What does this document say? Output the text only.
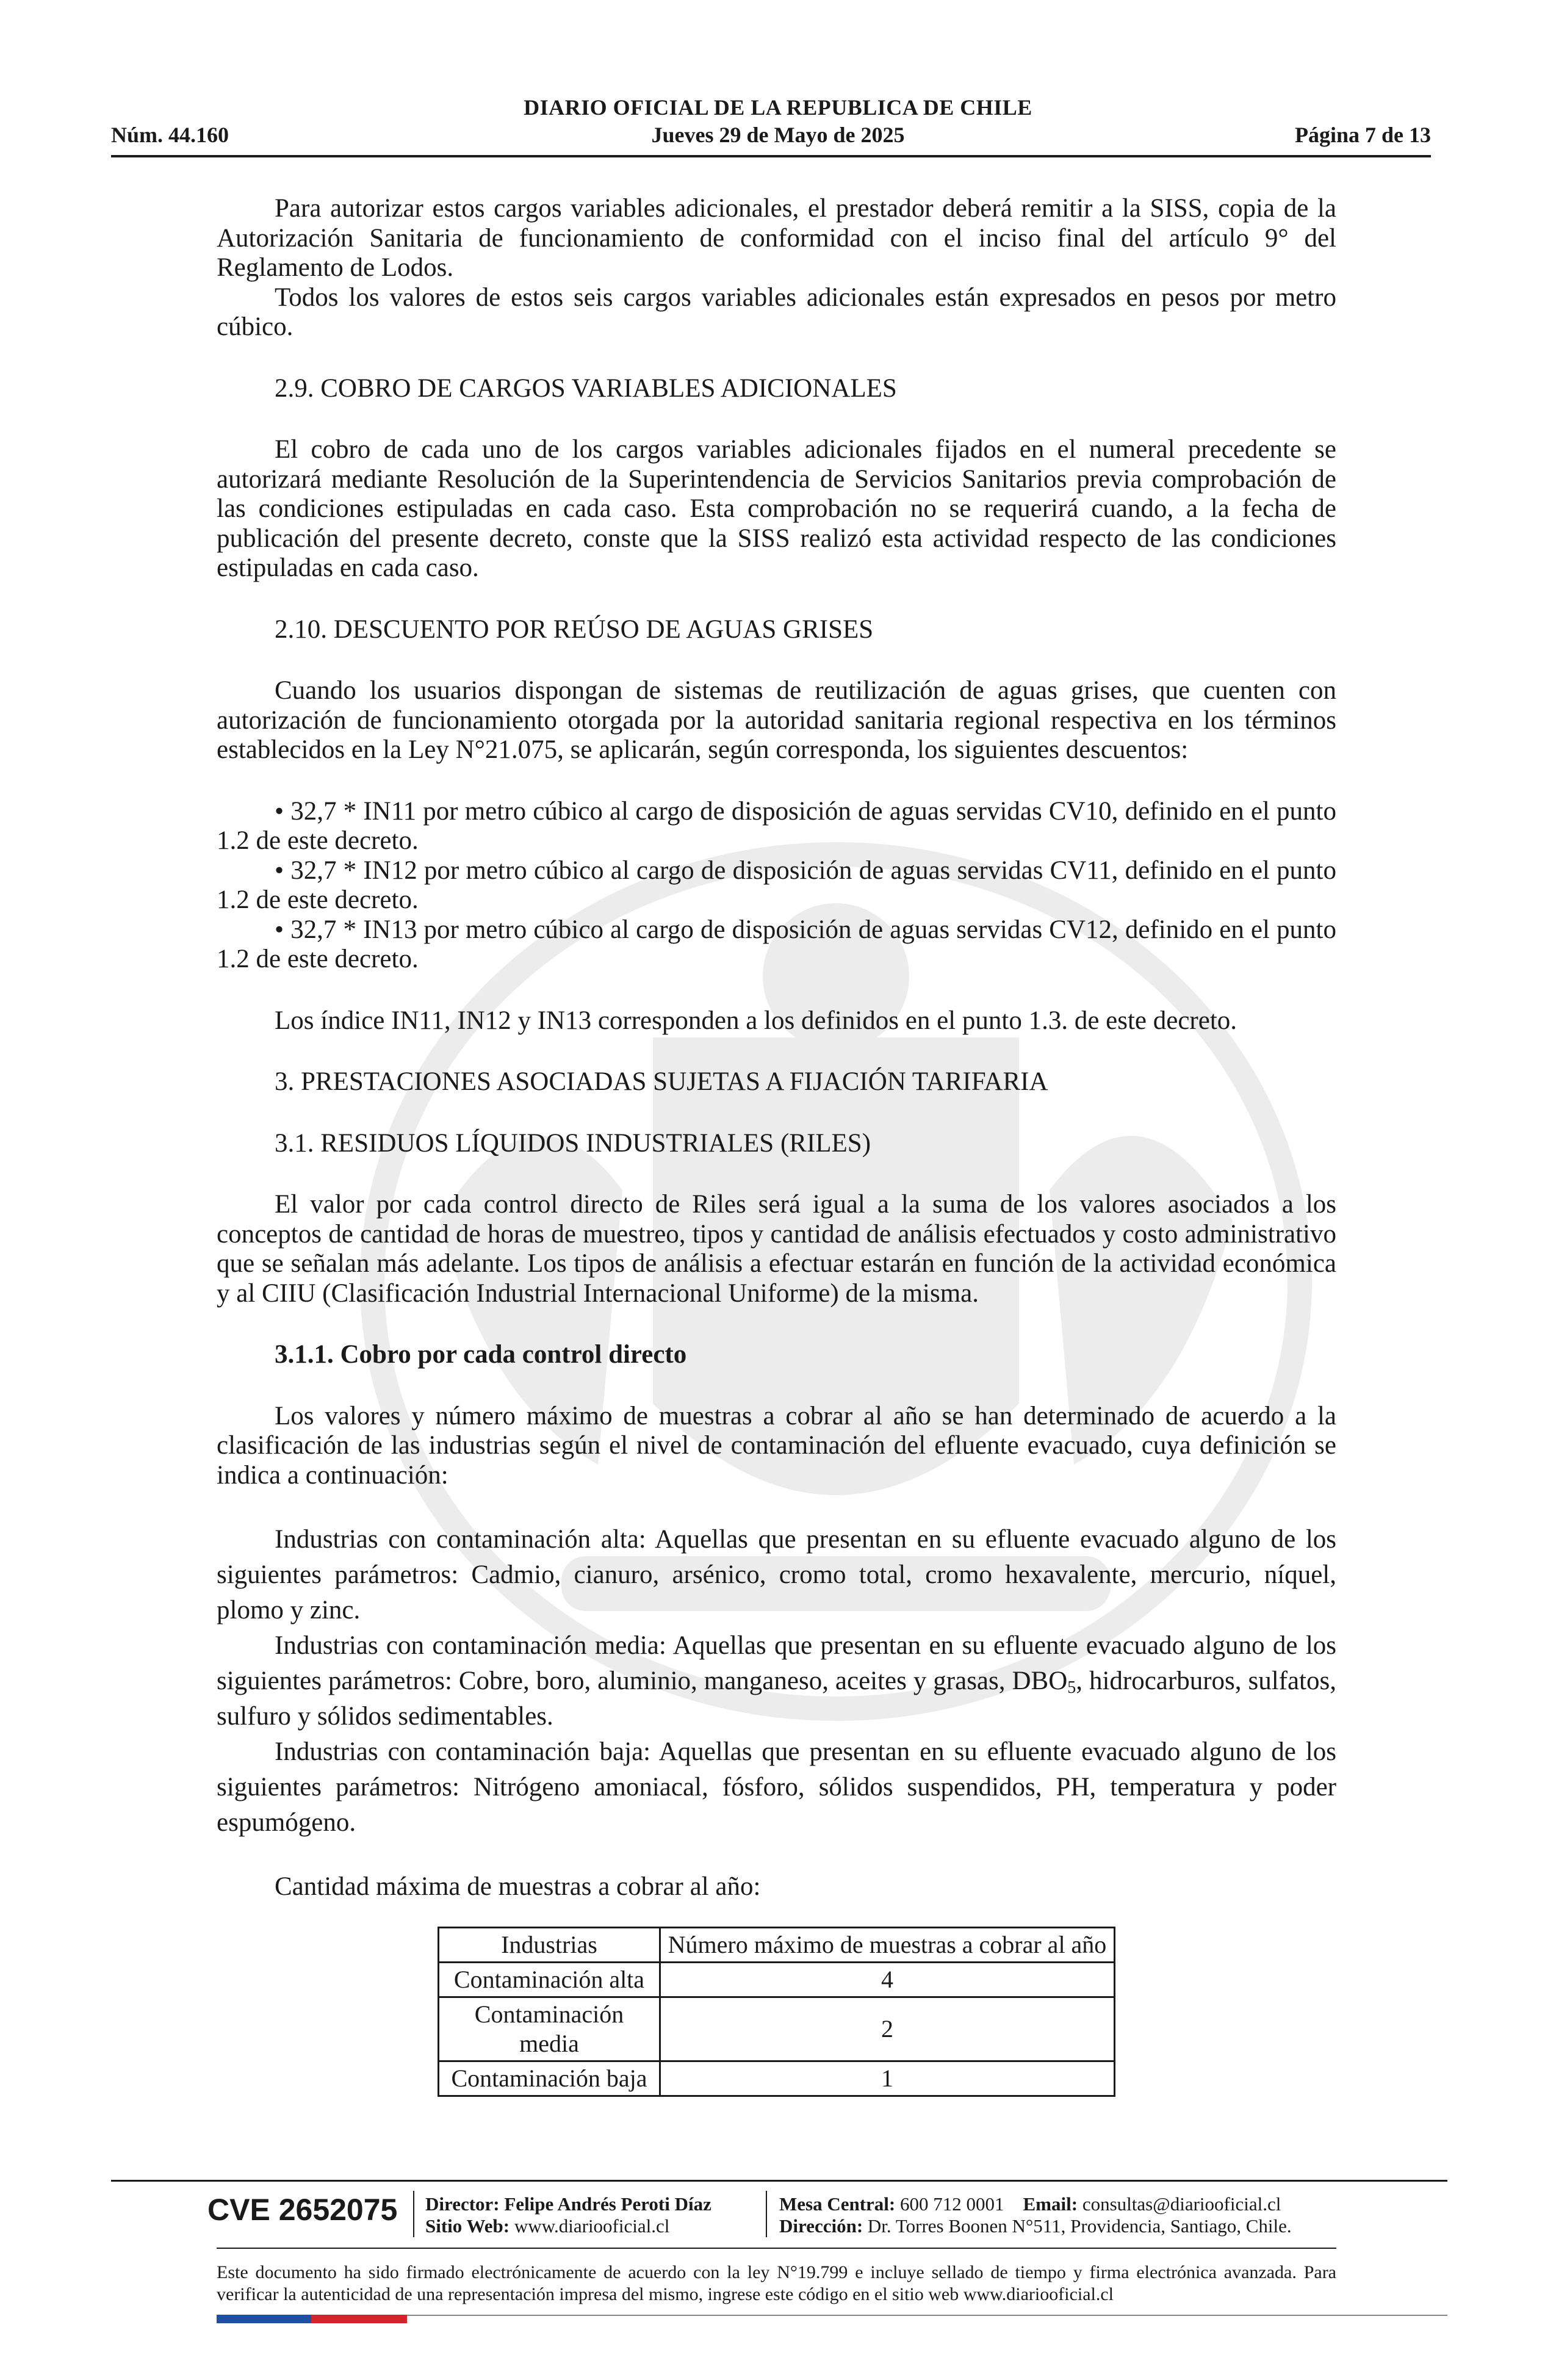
DIARIO OFICIAL DE LA REPUBLICA DE CHILE
Núm. 44.160	Jueves 29 de Mayo de 2025	Página 7 de 13

Para autorizar estos cargos variables adicionales, el prestador deberá remitir a la SISS, copia de la Autorización Sanitaria de funcionamiento de conformidad con el inciso final del artículo 9° del Reglamento de Lodos.

Todos los valores de estos seis cargos variables adicionales están expresados en pesos por metro cúbico.

2.9. COBRO DE CARGOS VARIABLES ADICIONALES

El cobro de cada uno de los cargos variables adicionales fijados en el numeral precedente se autorizará mediante Resolución de la Superintendencia de Servicios Sanitarios previa comprobación de las condiciones estipuladas en cada caso. Esta comprobación no se requerirá cuando, a la fecha de publicación del presente decreto, conste que la SISS realizó esta actividad respecto de las condiciones estipuladas en cada caso.

2.10. DESCUENTO POR REÚSO DE AGUAS GRISES

Cuando los usuarios dispongan de sistemas de reutilización de aguas grises, que cuenten con autorización de funcionamiento otorgada por la autoridad sanitaria regional respectiva en los términos establecidos en la Ley N°21.075, se aplicarán, según corresponda, los siguientes descuentos:

• 32,7 * IN11 por metro cúbico al cargo de disposición de aguas servidas CV10, definido en el punto 1.2 de este decreto.

• 32,7 * IN12 por metro cúbico al cargo de disposición de aguas servidas CV11, definido en el punto 1.2 de este decreto.

• 32,7 * IN13 por metro cúbico al cargo de disposición de aguas servidas CV12, definido en el punto 1.2 de este decreto.

Los índice IN11, IN12 y IN13 corresponden a los definidos en el punto 1.3. de este decreto.

3. PRESTACIONES ASOCIADAS SUJETAS A FIJACIÓN TARIFARIA

3.1. RESIDUOS LÍQUIDOS INDUSTRIALES (RILES)

El valor por cada control directo de Riles será igual a la suma de los valores asociados a los conceptos de cantidad de horas de muestreo, tipos y cantidad de análisis efectuados y costo administrativo que se señalan más adelante. Los tipos de análisis a efectuar estarán en función de la actividad económica y al CIIU (Clasificación Industrial Internacional Uniforme) de la misma.

3.1.1. Cobro por cada control directo

Los valores y número máximo de muestras a cobrar al año se han determinado de acuerdo a la clasificación de las industrias según el nivel de contaminación del efluente evacuado, cuya definición se indica a continuación:

Industrias con contaminación alta: Aquellas que presentan en su efluente evacuado alguno de los siguientes parámetros: Cadmio, cianuro, arsénico, cromo total, cromo hexavalente, mercurio, níquel, plomo y zinc.

Industrias con contaminación media: Aquellas que presentan en su efluente evacuado alguno de los siguientes parámetros: Cobre, boro, aluminio, manganeso, aceites y grasas, $DBO_5$, hidrocarburos, sulfatos, sulfuro y sólidos sedimentables.

Industrias con contaminación baja: Aquellas que presentan en su efluente evacuado alguno de los siguientes parámetros: Nitrógeno amoniacal, fósforo, sólidos suspendidos, PH, temperatura y poder espumógeno.

Cantidad máxima de muestras a cobrar al año:

Industrias	Número máximo de muestras a cobrar al año
Contaminación alta	4
Contaminación media	2
Contaminación baja	1
CVE 2652075 Director: Felipe Andrés Peroti Díaz
Sitio Web: www.diariooficial.cl
Mesa Central: 600 712 0001 Email: consultas@diariooficial.cl
Dirección: Dr. Torres Boonen N°511, Providencia, Santiago, Chile.
Este documento ha sido firmado electrónicamente de acuerdo con la ley N°19.799 e incluye sellado de tiempo y firma electrónica avanzada. Para verificar la autenticidad de una representación impresa del mismo, ingrese este código en el sitio web www.diariooficial.cl
